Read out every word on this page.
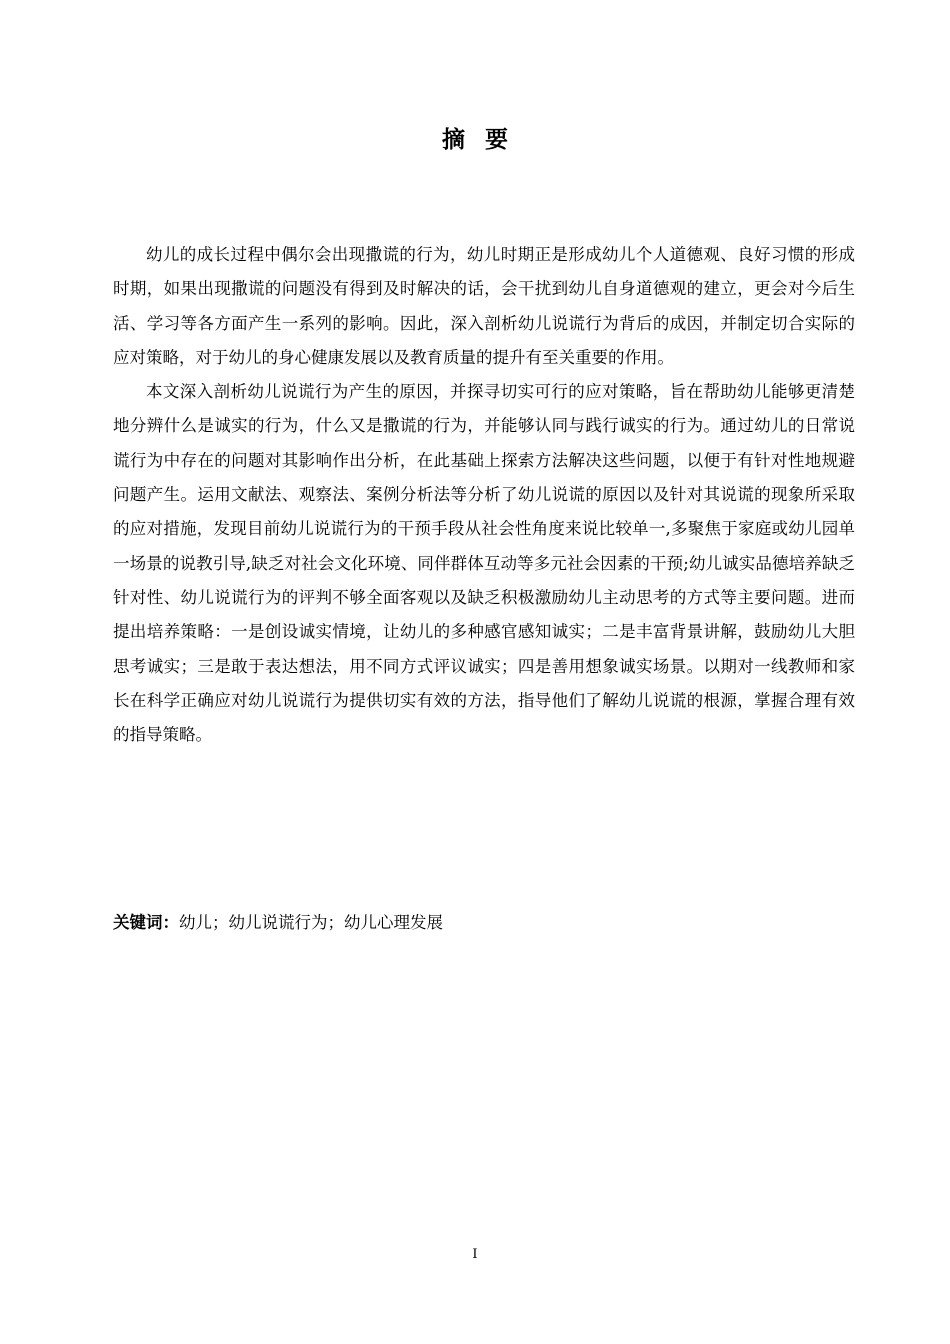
摘要

幼儿的成长过程中偶尔会出现撒谎的行为，幼儿时期正是形成幼儿个人道德观、良好习惯的形成时期，如果出现撒谎的问题没有得到及时解决的话，会干扰到幼儿自身道德观的建立，更会对今后生活、学习等各方面产生一系列的影响。因此，深入剖析幼儿说谎行为背后的成因，并制定切合实际的应对策略，对于幼儿的身心健康发展以及教育质量的提升有至关重要的作用。

本文深入剖析幼儿说谎行为产生的原因，并探寻切实可行的应对策略，旨在帮助幼儿能够更清楚地分辨什么是诚实的行为，什么又是撒谎的行为，并能够认同与践行诚实的行为。通过幼儿的日常说谎行为中存在的问题对其影响作出分析，在此基础上探索方法解决这些问题，以便于有针对性地规避问题产生。运用文献法、观察法、案例分析法等分析了幼儿说谎的原因以及针对其说谎的现象所采取的应对措施，发现目前幼儿说谎行为的干预手段从社会性角度来说比较单一,多聚焦于家庭或幼儿园单一场景的说教引导,缺乏对社会文化环境、同伴群体互动等多元社会因素的干预;幼儿诚实品德培养缺乏针对性、幼儿说谎行为的评判不够全面客观以及缺乏积极激励幼儿主动思考的方式等主要问题。进而提出培养策略：一是创设诚实情境，让幼儿的多种感官感知诚实；二是丰富背景讲解，鼓励幼儿大胆思考诚实；三是敢于表达想法，用不同方式评议诚实；四是善用想象诚实场景。以期对一线教师和家长在科学正确应对幼儿说谎行为提供切实有效的方法，指导他们了解幼儿说谎的根源，掌握合理有效的指导策略。

关键词：幼儿；幼儿说谎行为；幼儿心理发展
I
